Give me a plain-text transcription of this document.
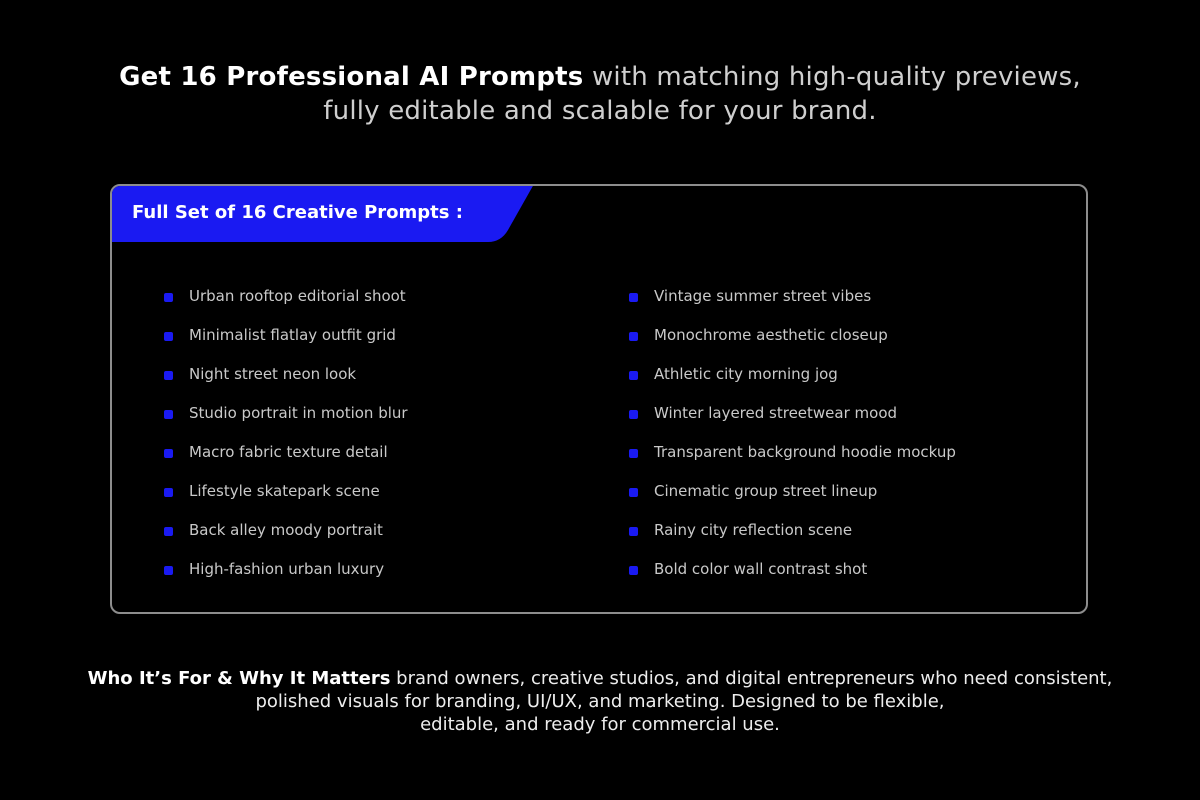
Get 16 Professional AI Prompts with matching high-quality previews,
fully editable and scalable for your brand.
Full Set of 16 Creative Prompts :
Urban rooftop editorial shoot
Minimalist flatlay outfit grid
Night street neon look
Studio portrait in motion blur
Macro fabric texture detail
Lifestyle skatepark scene
Back alley moody portrait
High-fashion urban luxury
Vintage summer street vibes
Monochrome aesthetic closeup
Athletic city morning jog
Winter layered streetwear mood
Transparent background hoodie mockup
Cinematic group street lineup
Rainy city reflection scene
Bold color wall contrast shot
Who It’s For & Why It Matters brand owners, creative studios, and digital entrepreneurs who need consistent,
polished visuals for branding, UI/UX, and marketing. Designed to be flexible,
editable, and ready for commercial use.
